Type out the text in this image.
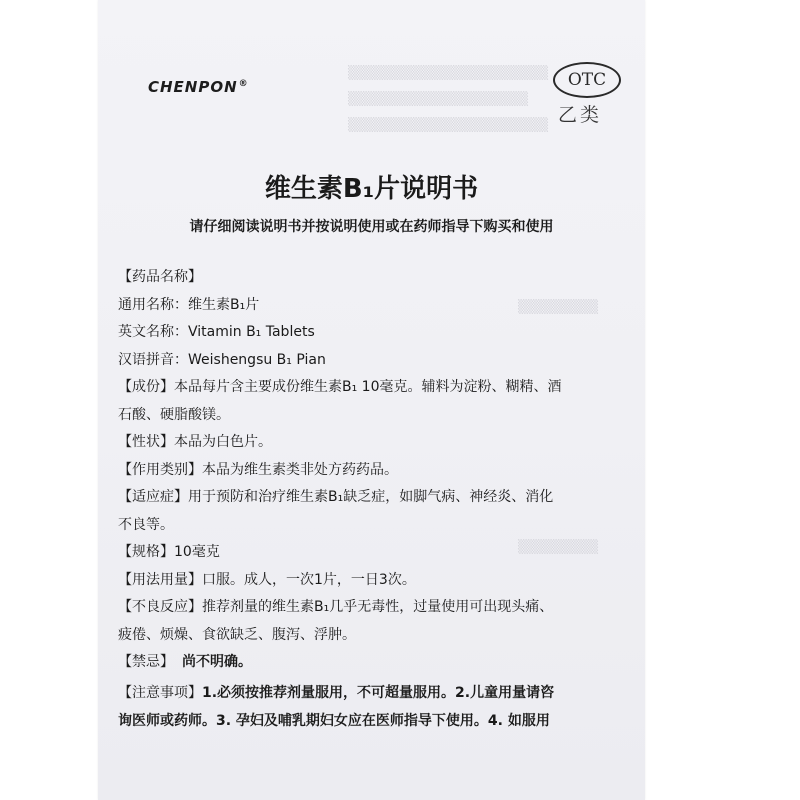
▒▒▒▒▒▒▒▒▒▒▒▒▒▒▒▒▒▒▒▒
▒▒▒▒▒▒▒▒▒▒▒▒▒▒▒▒▒▒
▒▒▒▒▒▒▒▒▒▒▒▒▒▒▒▒▒▒▒▒
▒▒▒▒▒▒▒▒
▒▒▒▒▒▒▒▒
CHENPON®	OTC
乙类
维生素B₁片说明书
请仔细阅读说明书并按说明使用或在药师指导下购买和使用
【药品名称】
通用名称：维生素B₁片
英文名称：Vitamin B₁ Tablets
汉语拼音：Weishengsu B₁ Pian
【成份】本品每片含主要成份维生素B₁ 10毫克。辅料为淀粉、糊精、酒
石酸、硬脂酸镁。
【性状】本品为白色片。
【作用类别】本品为维生素类非处方药药品。
【适应症】用于预防和治疗维生素B₁缺乏症，如脚气病、神经炎、消化
不良等。
【规格】10毫克
【用法用量】口服。成人，一次1片，一日3次。
【不良反应】推荐剂量的维生素B₁几乎无毒性，过量使用可出现头痛、
疲倦、烦燥、食欲缺乏、腹泻、浮肿。
【禁忌】 尚不明确。
【注意事项】1.必须按推荐剂量服用，不可超量服用。2.儿童用量请咨
询医师或药师。3. 孕妇及哺乳期妇女应在医师指导下使用。4. 如服用
